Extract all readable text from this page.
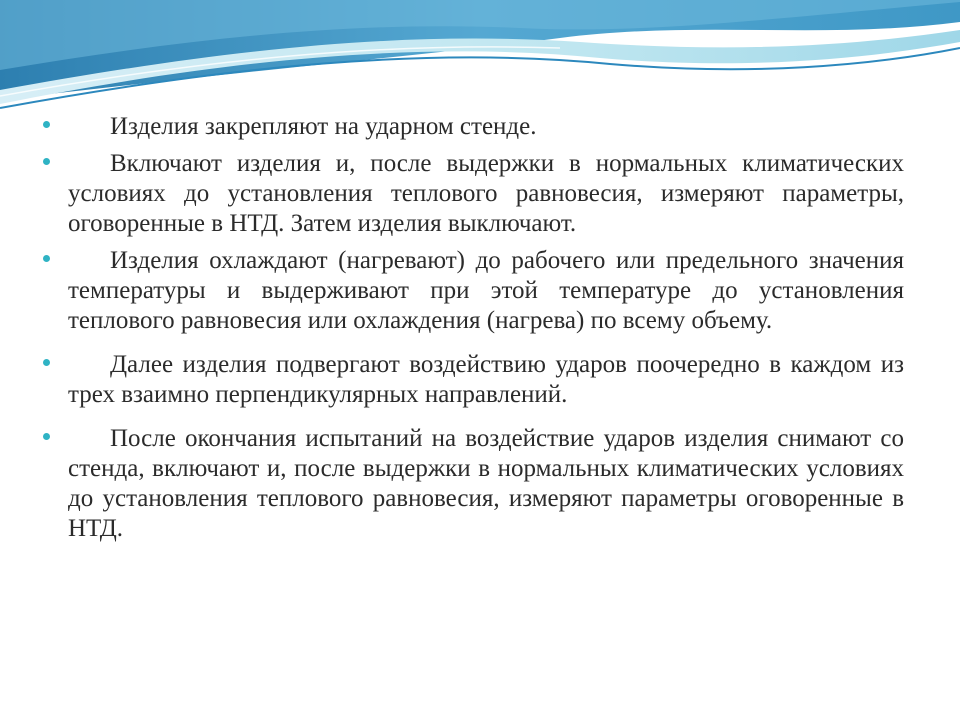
Изделия закрепляют на ударном стенде.
Включают изделия и, после выдержки в нормальных климатических условиях до установления теплового равновесия, измеряют параметры, оговоренные в НТД. Затем изделия выключают.
Изделия охлаждают (нагревают) до рабочего или предельного значения температуры и выдерживают при этой температуре до установления теплового равновесия или охлаждения (нагрева) по всему объему.
Далее изделия подвергают воздействию ударов поочередно в каждом из трех взаимно перпендикулярных направлений.
После окончания испытаний на воздействие ударов изделия снимают со стенда, включают и, после выдержки в нормальных климатических условиях до установления теплового равновесия, измеряют параметры оговоренные в НТД.
